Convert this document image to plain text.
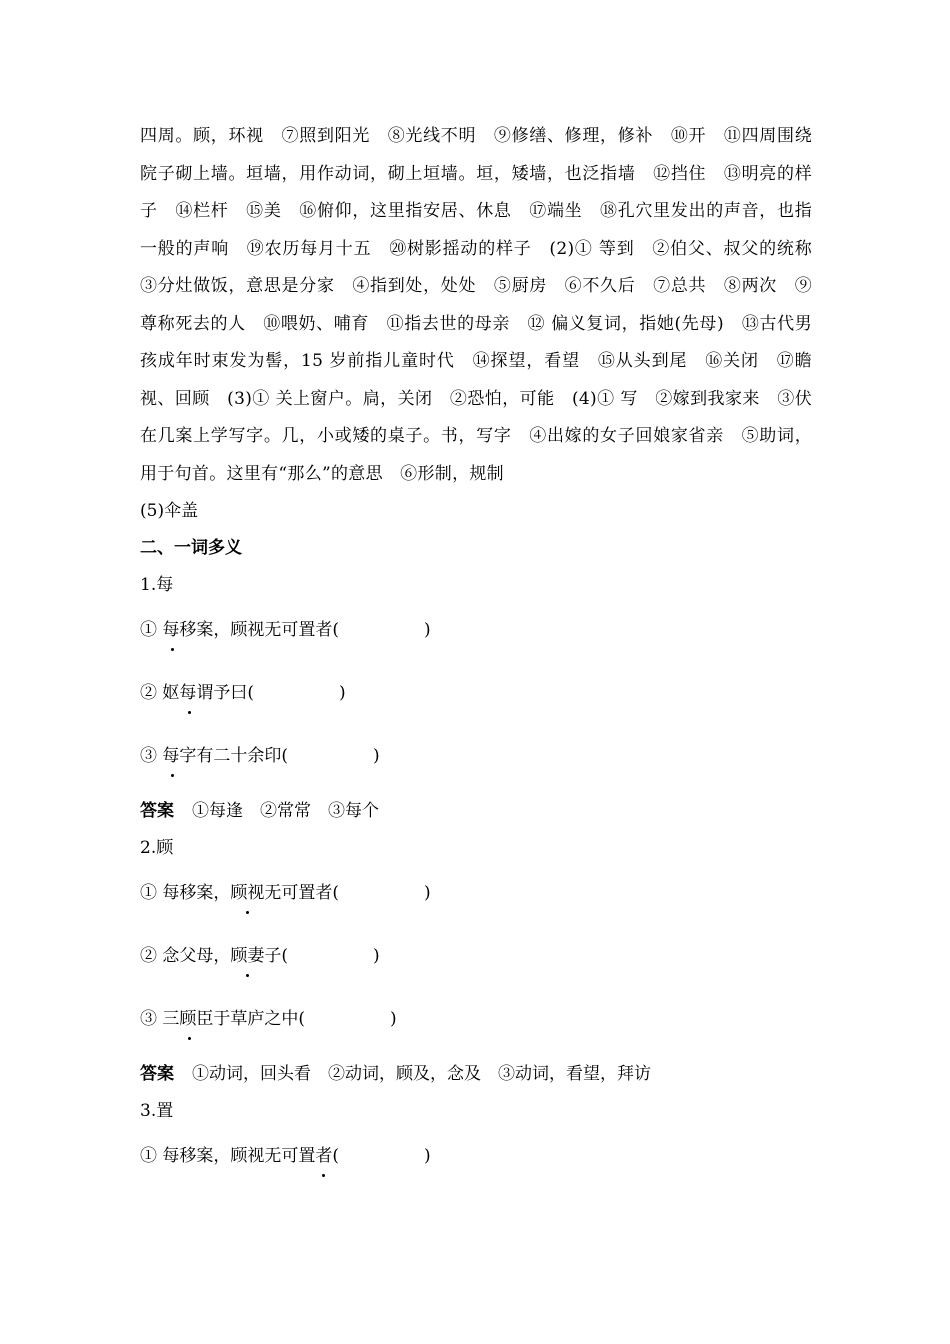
四周。顾，环视　⑦照到阳光　⑧光线不明　⑨修缮、修理，修补　⑩开　⑪四周围绕院子砌上墙。垣墙，用作动词，砌上垣墙。垣，矮墙，也泛指墙　⑫挡住　⑬明亮的样子　⑭栏杆　⑮美　⑯俯仰，这里指安居、休息　⑰端坐　⑱孔穴里发出的声音，也指一般的声响　⑲农历每月十五　⑳树影摇动的样子　(2)① 等到　②伯父、叔父的统称　③分灶做饭，意思是分家　④指到处，处处　⑤厨房　⑥不久后　⑦总共　⑧两次　⑨尊称死去的人　⑩喂奶、哺育　⑪指去世的母亲　⑫ 偏义复词，指她(先母)　⑬古代男孩成年时束发为髻，15 岁前指儿童时代　⑭探望，看望　⑮从头到尾　⑯关闭　⑰瞻视、回顾　(3)① 关上窗户。扃，关闭　②恐怕，可能　(4)① 写　②嫁到我家来　③伏在几案上学写字。几，小或矮的桌子。书，写字　④出嫁的女子回娘家省亲　⑤助词，用于句首。这里有“那么”的意思　⑥形制，规制

(5)伞盖

二、一词多义

1.每

① 每移案，顾视无可置者(　　　　　)
② 妪每谓予曰(　　　　　)
③ 每字有二十余印(　　　　　)

答案 ①每逢　②常常　③每个

2.顾

① 每移案，顾视无可置者(　　　　　)
② 念父母，顾妻子(　　　　　)
③ 三顾臣于草庐之中(　　　　　)

答案 ①动词，回头看　②动词，顾及，念及　③动词，看望，拜访

3.置

① 每移案，顾视无可置者(　　　　　)
